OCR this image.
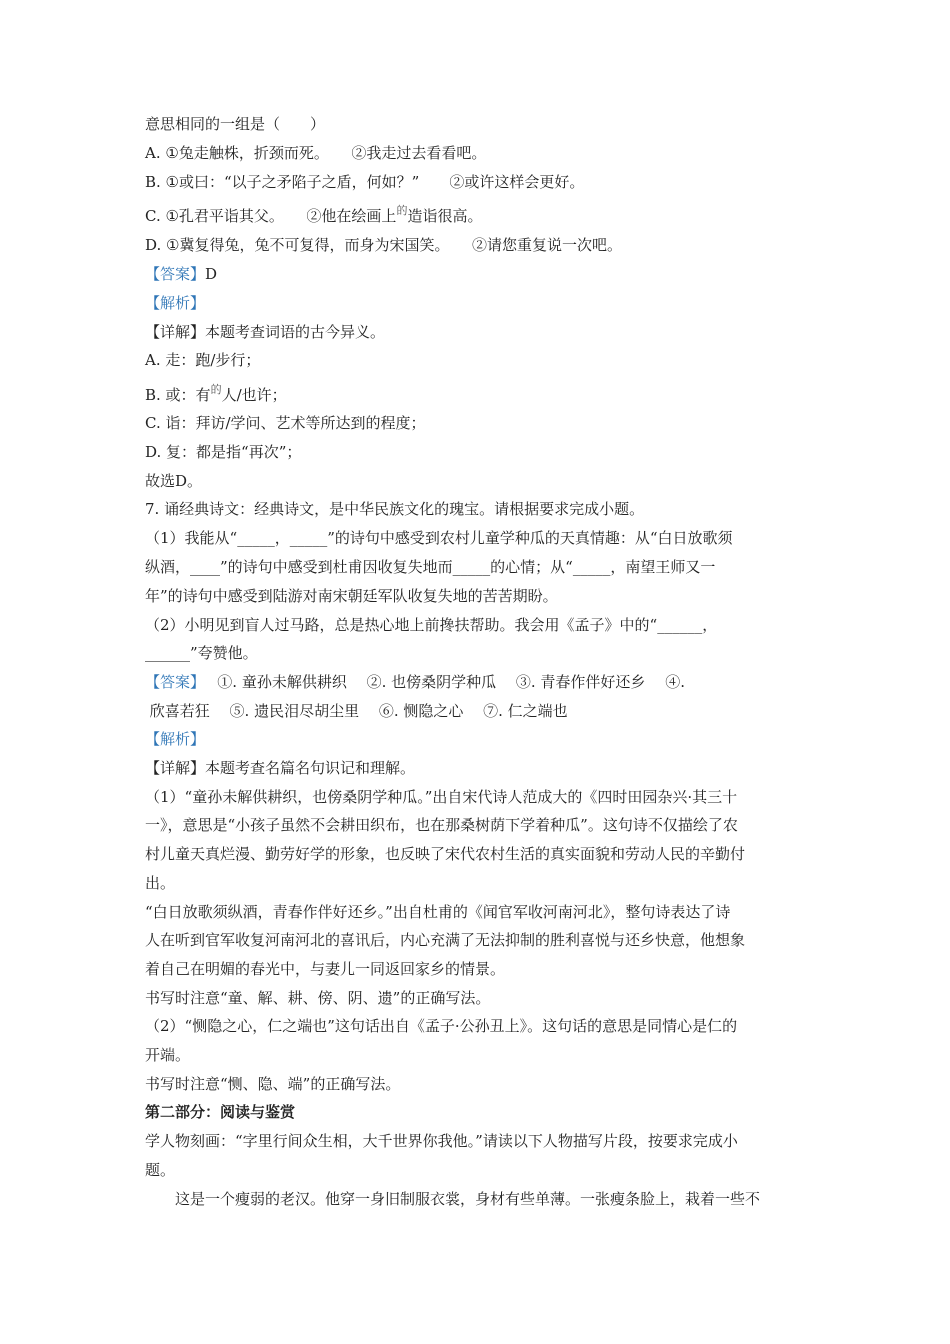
意思相同的一组是（　　）
A. ①兔走触株，折颈而死。　　②我走过去看看吧。
B. ①或曰：“以子之矛陷子之盾，何如？”　　②或许这样会更好。
C. ①孔君平诣其父。　　②他在绘画上$^的$造诣很高。
D. ①冀复得兔，兔不可复得，而身为宋国笑。　　②请您重复说一次吧。
【答案】D
【解析】
【详解】本题考查词语的古今异义。
A. 走：跑/步行；
B. 或：有$^的$人/也许；
C. 诣：拜访/学问、艺术等所达到的程度；
D. 复：都是指“再次”；
故选D。
7. 诵经典诗文：经典诗文，是中华民族文化的瑰宝。请根据要求完成小题。
（1）我能从“_____，_____”的诗句中感受到农村儿童学种瓜的天真情趣：从“白日放歌须
纵酒，____”的诗句中感受到杜甫因收复失地而_____的心情；从“_____，南望王师又一
年”的诗句中感受到陆游对南宋朝廷军队收复失地的苦苦期盼。
（2）小明见到盲人过马路，总是热心地上前搀扶帮助。我会用《孟子》中的“______，
______”夸赞他。
【答案】　 ①. 童孙未解供耕织　 ②. 也傍桑阴学种瓜　 ③. 青春作伴好还乡　 ④.
欣喜若狂　 ⑤. 遗民泪尽胡尘里　 ⑥. 恻隐之心　 ⑦. 仁之端也
【解析】
【详解】本题考查名篇名句识记和理解。
（1）“童孙未解供耕织，也傍桑阴学种瓜。”出自宋代诗人范成大的《四时田园杂兴·其三十
一》，意思是“小孩子虽然不会耕田织布，也在那桑树荫下学着种瓜”。这句诗不仅描绘了农
村儿童天真烂漫、勤劳好学的形象，也反映了宋代农村生活的真实面貌和劳动人民的辛勤付
出。
“白日放歌须纵酒，青春作伴好还乡。”出自杜甫的《闻官军收河南河北》，整句诗表达了诗
人在听到官军收复河南河北的喜讯后，内心充满了无法抑制的胜利喜悦与还乡快意，他想象
着自己在明媚的春光中，与妻儿一同返回家乡的情景。
书写时注意“童、解、耕、傍、阴、遗”的正确写法。
（2）“恻隐之心，仁之端也”这句话出自《孟子·公孙丑上》。这句话的意思是同情心是仁的
开端。
书写时注意“恻、隐、端”的正确写法。
第二部分：阅读与鉴赏
学人物刻画：“字里行间众生相，大千世界你我他。”请读以下人物描写片段，按要求完成小
题。
　　这是一个瘦弱的老汉。他穿一身旧制服衣裳，身材有些单薄。一张瘦条脸上，栽着一些不
